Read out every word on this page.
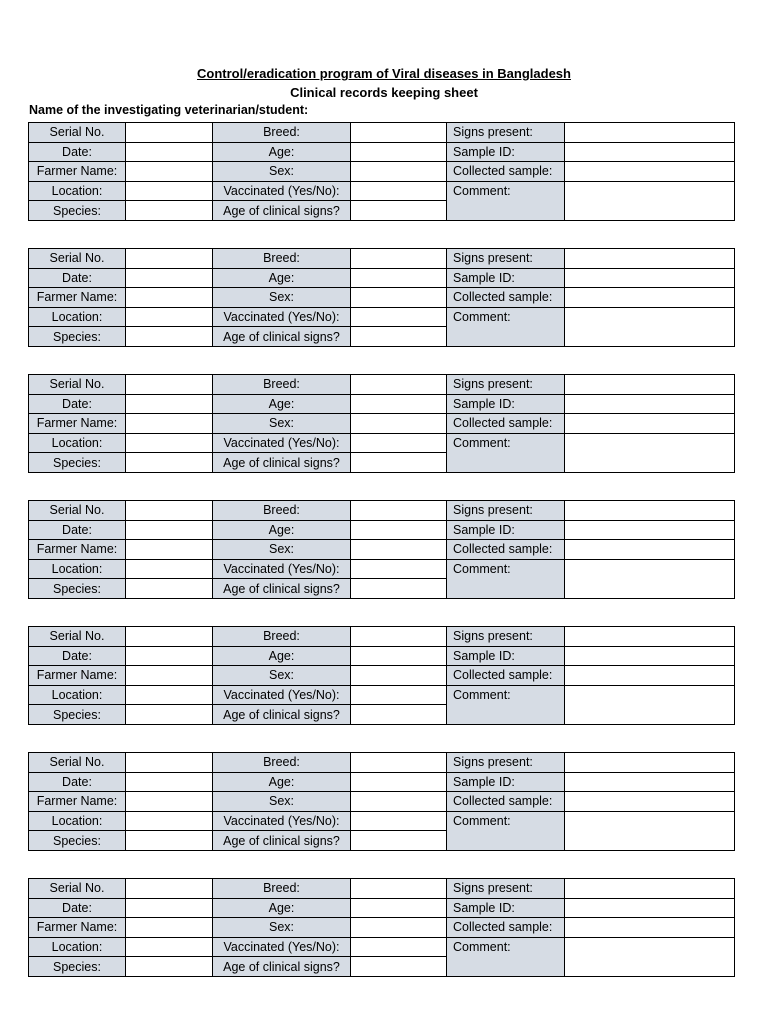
Control/eradication program of Viral diseases in Bangladesh
Clinical records keeping sheet
Name of the investigating veterinarian/student:
Serial No.		Breed:		Signs present:	
Date:		Age:		Sample ID:	
Farmer Name:		Sex:		Collected sample:	
Location:		Vaccinated (Yes/No):		Comment:	
Species:		Age of clinical signs?			
Serial No.		Breed:		Signs present:	
Date:		Age:		Sample ID:	
Farmer Name:		Sex:		Collected sample:	
Location:		Vaccinated (Yes/No):		Comment:	
Species:		Age of clinical signs?			
Serial No.		Breed:		Signs present:	
Date:		Age:		Sample ID:	
Farmer Name:		Sex:		Collected sample:	
Location:		Vaccinated (Yes/No):		Comment:	
Species:		Age of clinical signs?			
Serial No.		Breed:		Signs present:	
Date:		Age:		Sample ID:	
Farmer Name:		Sex:		Collected sample:	
Location:		Vaccinated (Yes/No):		Comment:	
Species:		Age of clinical signs?			
Serial No.		Breed:		Signs present:	
Date:		Age:		Sample ID:	
Farmer Name:		Sex:		Collected sample:	
Location:		Vaccinated (Yes/No):		Comment:	
Species:		Age of clinical signs?			
Serial No.		Breed:		Signs present:	
Date:		Age:		Sample ID:	
Farmer Name:		Sex:		Collected sample:	
Location:		Vaccinated (Yes/No):		Comment:	
Species:		Age of clinical signs?			
Serial No.		Breed:		Signs present:	
Date:		Age:		Sample ID:	
Farmer Name:		Sex:		Collected sample:	
Location:		Vaccinated (Yes/No):		Comment:	
Species:		Age of clinical signs?			
